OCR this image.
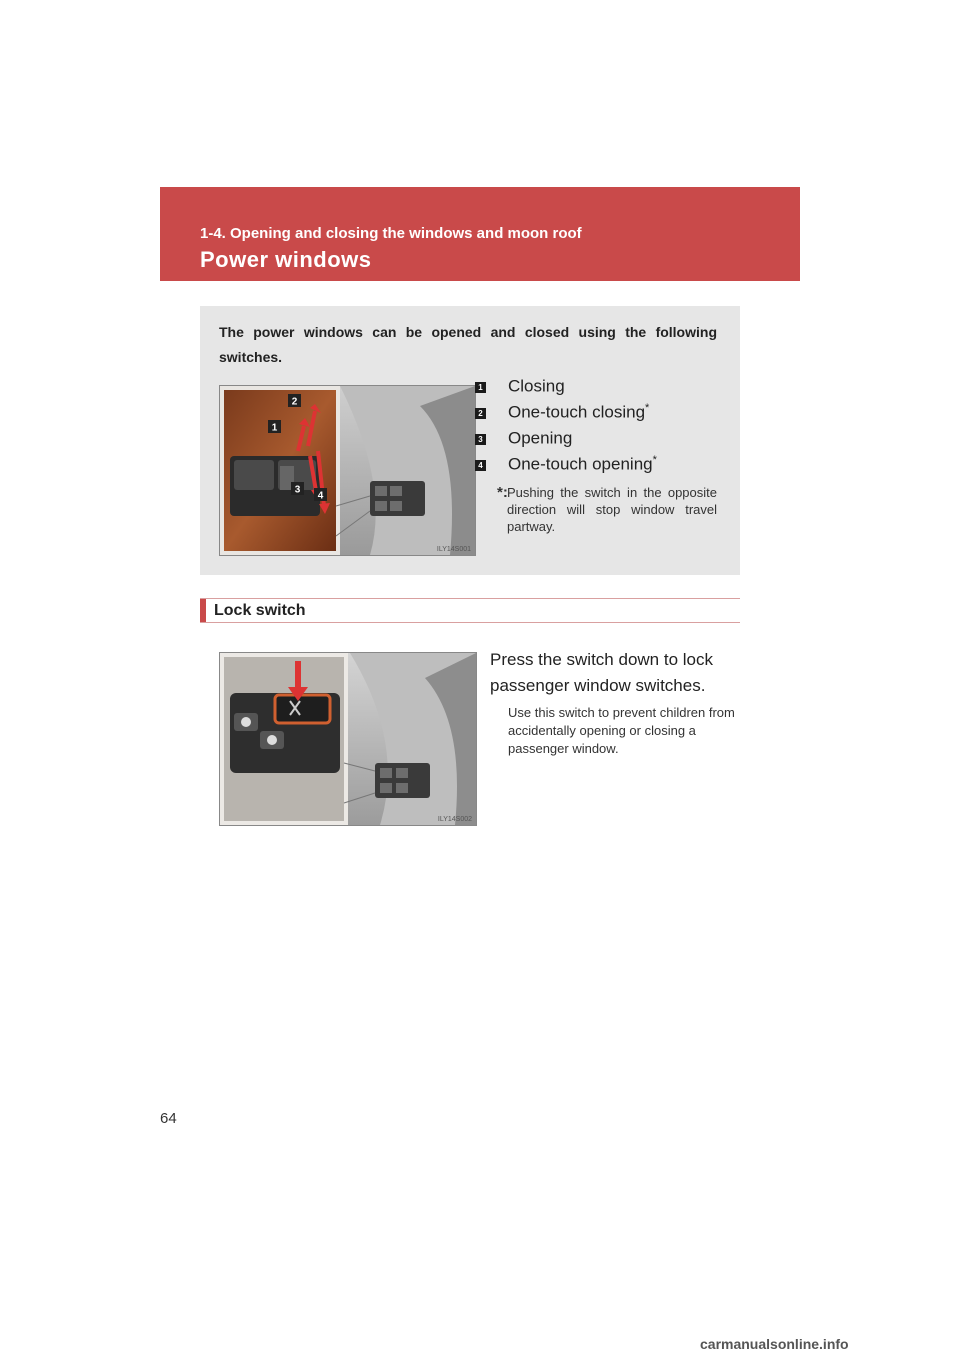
1-4. Opening and closing the windows and moon roof
Power windows
The power windows can be opened and closed using the following switches.
2
1
3
4
ILY14S001
1 Closing
2 One-touch closing*
3 Opening
4 One-touch opening*
*: Pushing the switch in the opposite direction will stop window travel partway.
Lock switch
ILY14S002
Press the switch down to lock passenger window switches.
Use this switch to prevent children from accidentally opening or closing a passenger window.
64
carmanualsonline.info
